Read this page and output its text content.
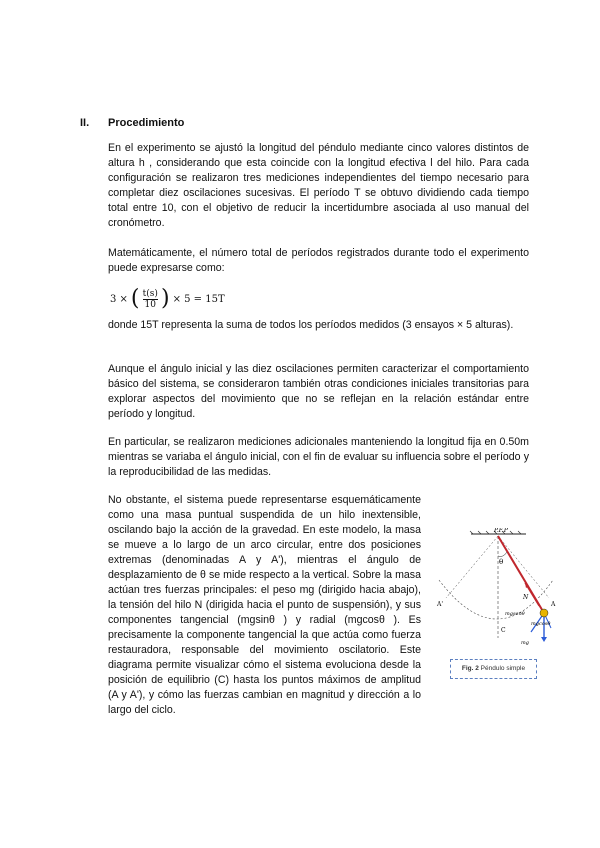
II. Procedimiento

En el experimento se ajustó la longitud del péndulo mediante cinco valores distintos de altura h , considerando que esta coincide con la longitud efectiva l del hilo. Para cada configuración se realizaron tres mediciones independientes del tiempo necesario para completar diez oscilaciones sucesivas. El período T se obtuvo dividiendo cada tiempo total entre 10, con el objetivo de reducir la incertidumbre asociada al uso manual del cronómetro.

Matemáticamente, el número total de períodos registrados durante todo el experimento puede expresarse como:

3 × ( $\frac{t(s)}{10}$ ) × 5 = 15T

donde 15T representa la suma de todos los períodos medidos (3 ensayos × 5 alturas).

Aunque el ángulo inicial y las diez oscilaciones permiten caracterizar el comportamiento básico del sistema, se consideraron también otras condiciones iniciales transitorias para explorar aspectos del movimiento que no se reflejan en la relación estándar entre período y longitud.

En particular, se realizaron mediciones adicionales manteniendo la longitud fija en 0.50m mientras se variaba el ángulo inicial, con el fin de evaluar su influencia sobre el período y la reproducibilidad de las medidas.

No obstante, el sistema puede representarse esquemáticamente como una masa puntual suspendida de un hilo inextensible, oscilando bajo la acción de la gravedad. En este modelo, la masa se mueve a lo largo de un arco circular, entre dos posiciones extremas (denominadas A y A'), mientras el ángulo de desplazamiento de θ se mide respecto a la vertical. Sobre la masa actúan tres fuerzas principales: el peso mg (dirigido hacia abajo), la tensión del hilo N (dirigida hacia el punto de suspensión), y sus componentes tangencial (mgsinθ ) y radial (mgcosθ ). Es precisamente la componente tangencial la que actúa como fuerza restauradora, responsable del movimiento oscilatorio. Este diagrama permite visualizar cómo el sistema evoluciona desde la posición de equilibrio (C) hasta los puntos máximos de amplitud (A y A'), y cómo las fuerzas cambian en magnitud y dirección a lo largo del ciclo.

P.F.P
θ
N
A
A'
C
mgsenθ
mgcosθ
mg
Fig. 2 Péndulo simple
